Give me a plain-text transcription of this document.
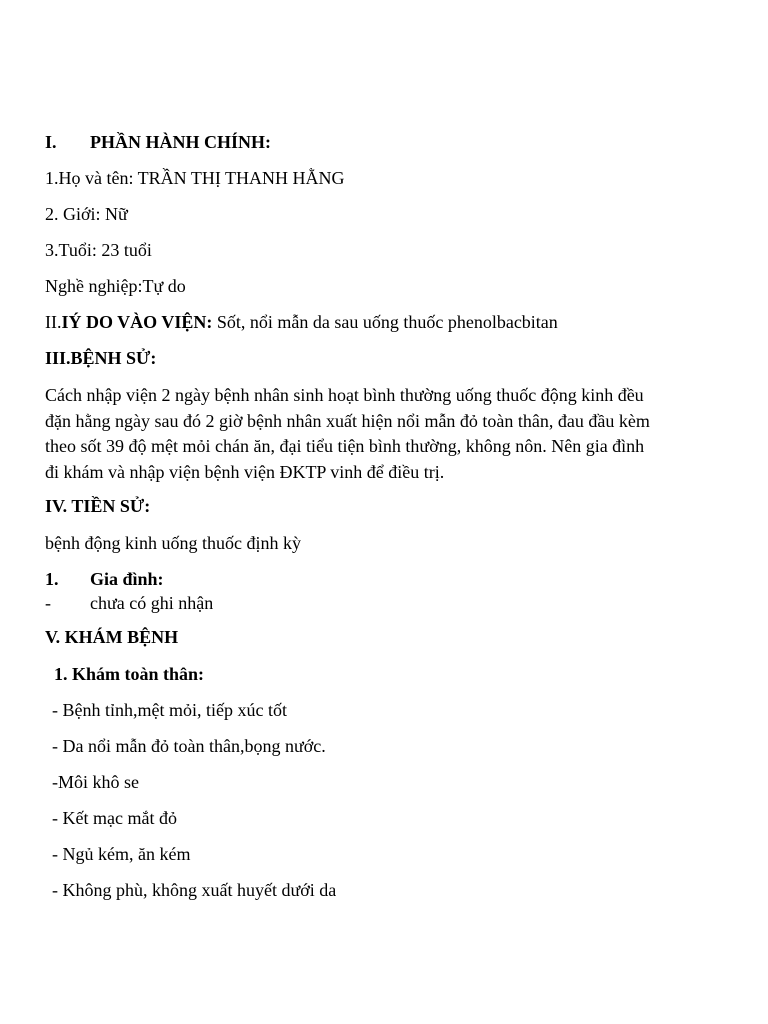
I. PHẦN HÀNH CHÍNH:
1.Họ và tên: TRẦN THỊ THANH HẰNG
2. Giới: Nữ
3.Tuổi: 23 tuổi
Nghề nghiệp:Tự do
II.IÝ DO VÀO VIỆN: Sốt, nổi mẫn da sau uống thuốc phenolbacbitan
III.BỆNH SỬ:
Cách nhập viện 2 ngày bệnh nhân sinh hoạt bình thường uống thuốc động kinh đều
đặn hằng ngày sau đó 2 giờ bệnh nhân xuất hiện nổi mẫn đỏ toàn thân, đau đầu kèm
theo sốt 39 độ mệt mỏi chán ăn, đại tiểu tiện bình thường, không nôn. Nên gia đình
đi khám và nhập viện bệnh viện ĐKTP vinh để điều trị.
IV. TIỀN SỬ:
bệnh động kinh uống thuốc định kỳ
1. Gia đình:
- chưa có ghi nhận
V. KHÁM BỆNH
1. Khám toàn thân:
- Bệnh tỉnh,mệt mỏi, tiếp xúc tốt
- Da nổi mẫn đỏ toàn thân,bọng nước.
-Môi khô se
- Kết mạc mắt đỏ
- Ngủ kém, ăn kém
- Không phù, không xuất huyết dưới da
